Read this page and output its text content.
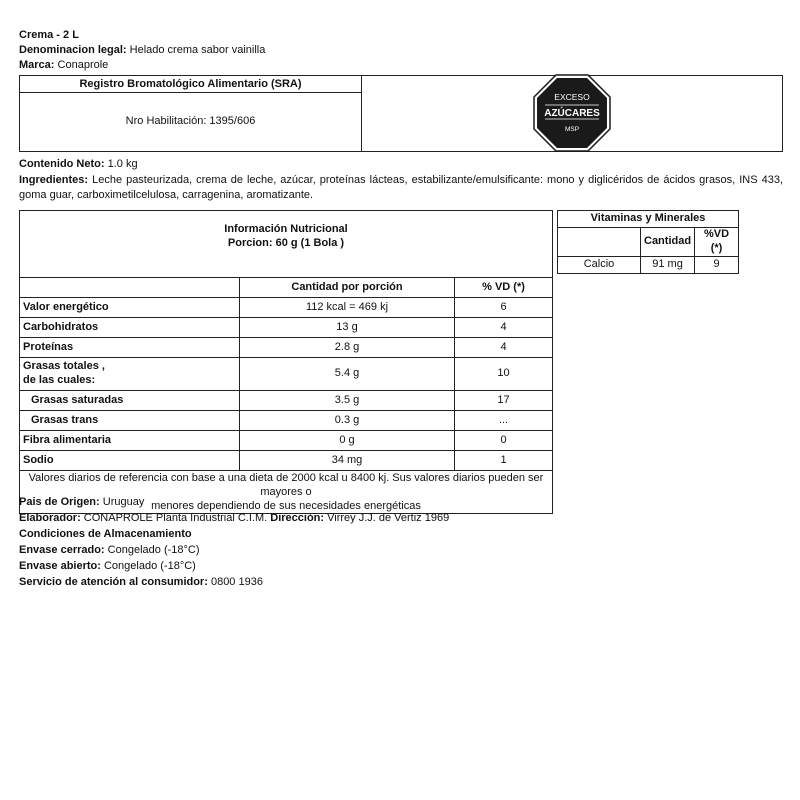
Crema - 2 L

Denominacion legal: Helado crema sabor vainilla

Marca: Conaprole

Registro Bromatológico Alimentario (SRA)
Nro Habilitación: 1395/606
EXCESO
AZÚCARES
MSP

Contenido Neto: 1.0 kg

Ingredientes: Leche pasteurizada, crema de leche, azúcar, proteínas lácteas, estabilizante/emulsificante: mono y diglicéridos de ácidos grasos, INS 433, goma guar, carboximetilcelulosa, carragenina, aromatizante.

Información Nutricional
Porcion: 60 g (1 Bola )		

	Cantidad por porción	% VD (*)
Valor energético	112 kcal = 469 kj	6
Carbohidratos	13 g	4
Proteínas	2.8 g	4

Grasas totales ,
de las cuales:	5.4 g	10
Grasas saturadas	3.5 g	17
Grasas trans	0.3 g	...
Fibra alimentaria	0 g	0
Sodio	34 mg	1

Valores diarios de referencia con base a una dieta de 2000 kcal u 8400 kj. Sus valores diarios pueden ser mayores o
menores dependiendo de sus necesidades energéticas		
Vitaminas y Minerales		
	Cantidad	%VD (*)
Calcio	91 mg	9

Pais de Origen: Uruguay

Elaborador: CONAPROLE Planta Industrial C.I.M. Dirección: Virrey J.J. de Vertiz 1969

Condiciones de Almacenamiento

Envase cerrado: Congelado (-18°C)

Envase abierto: Congelado (-18°C)

Servicio de atención al consumidor: 0800 1936
